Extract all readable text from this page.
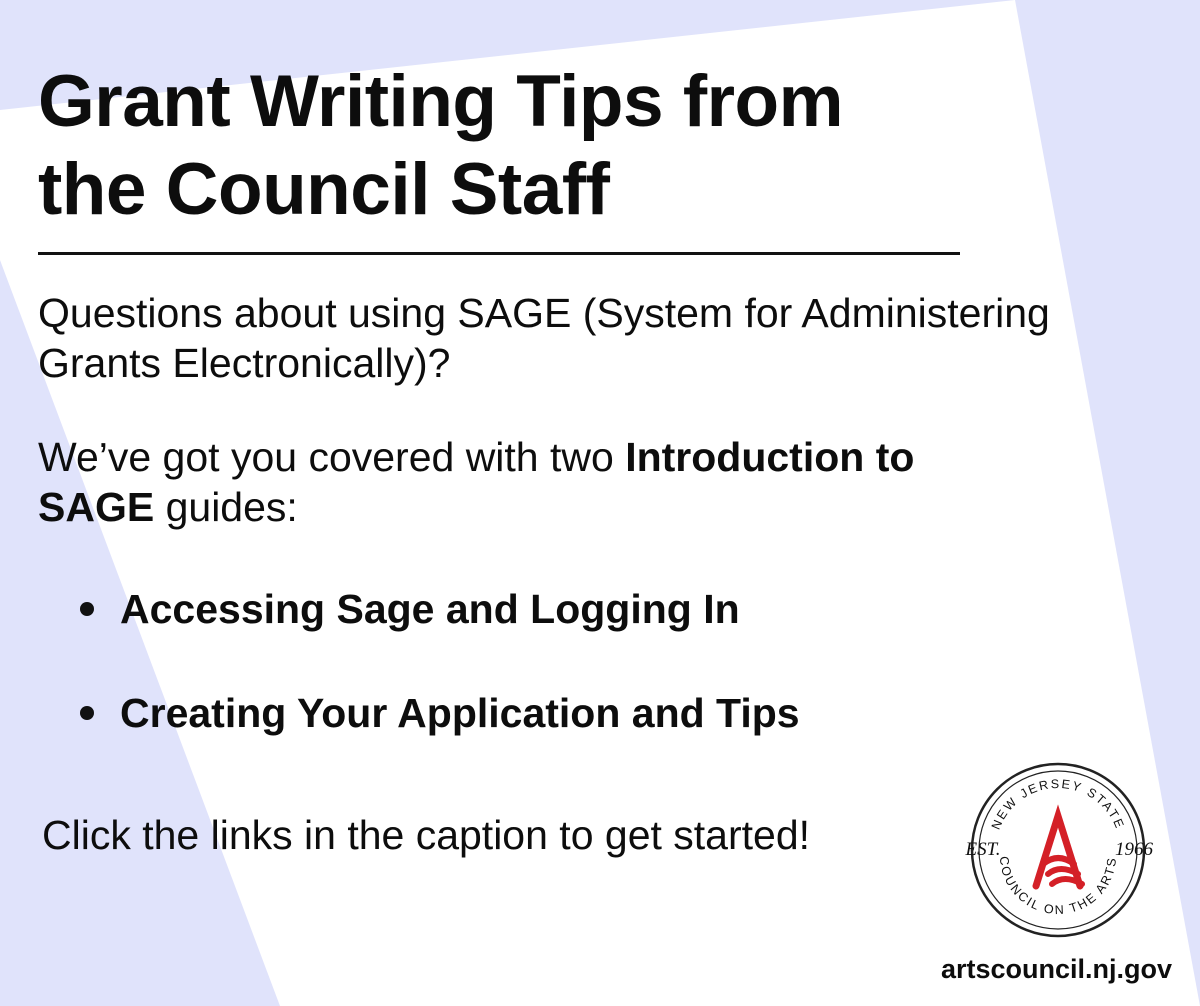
Grant Writing Tips from
the Council Staff

Questions about using SAGE (System for Administering Grants Electronically)?

We’ve got you covered with two Introduction to SAGE guides:

Accessing Sage and Logging In
Creating Your Application and Tips

Click the links in the caption to get started!	NEW JERSEY STATE
COUNCIL ON THE ARTS
EST.	1966
artscouncil.nj.gov
